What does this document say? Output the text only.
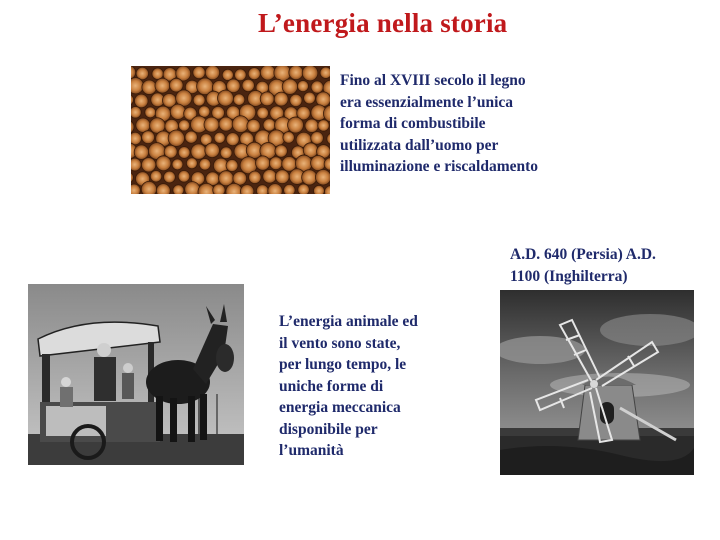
L’energia nella storia
Fino al XVIII secolo il legno
era essenzialmente l’unica
forma di combustibile
utilizzata dall’uomo per
illuminazione e riscaldamento
A.D. 640 (Persia) A.D.
1100 (Inghilterra)
L’energia animale ed
il vento sono state,
per lungo tempo, le
uniche forme di
energia meccanica
disponibile per
l’umanità
